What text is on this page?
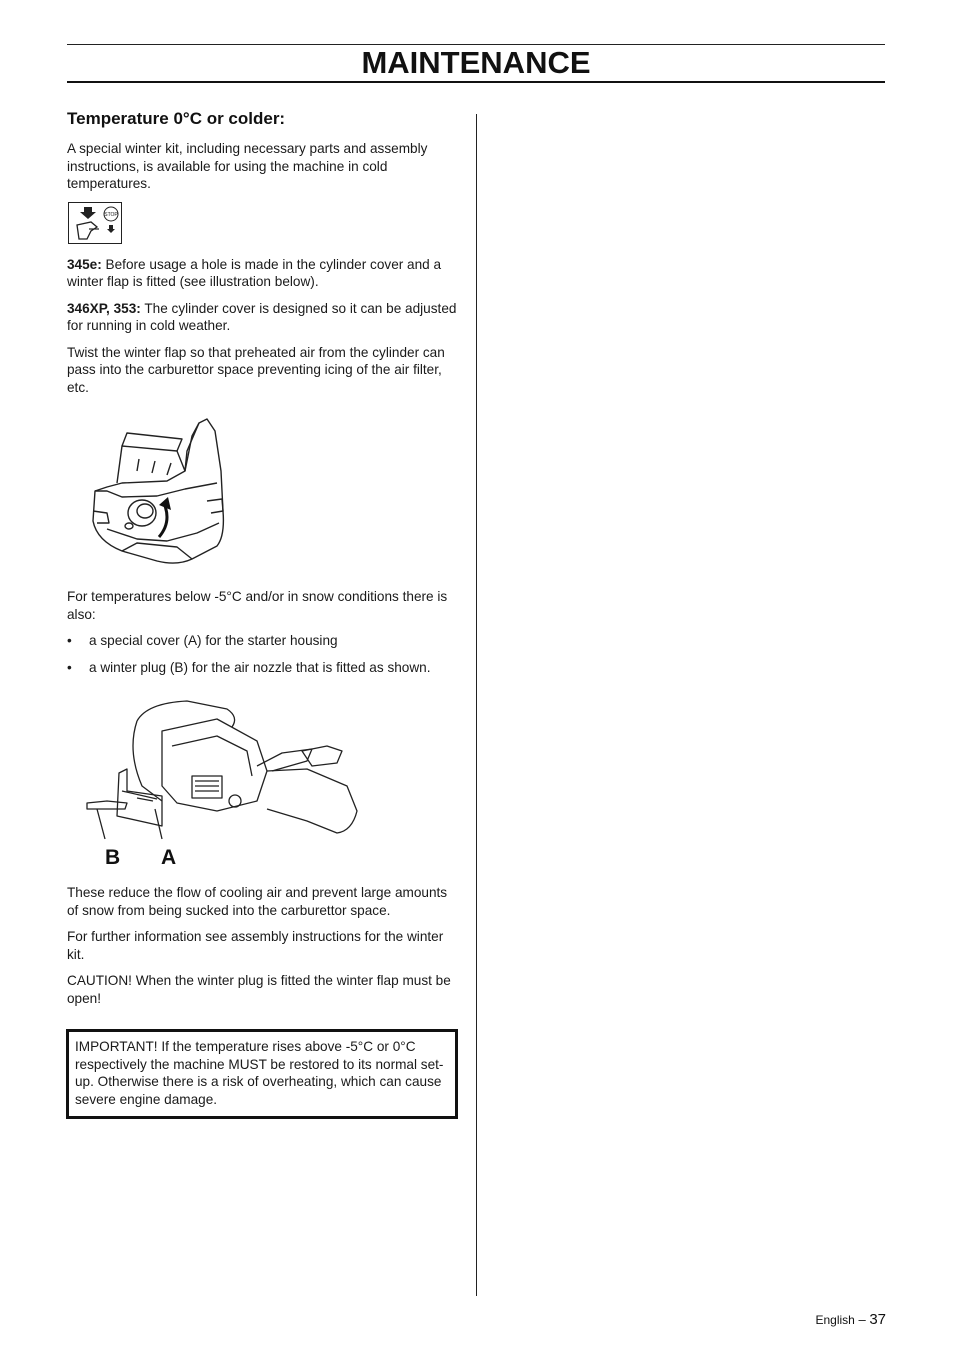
MAINTENANCE
Temperature 0°C or colder:

A special winter kit, including necessary parts and assembly instructions, is available for using the machine in cold temperatures.

STOP

345e: Before usage a hole is made in the cylinder cover and a winter flap is fitted (see illustration below).

346XP, 353: The cylinder cover is designed so it can be adjusted for running in cold weather.

Twist the winter flap so that preheated air from the cylinder can pass into the carburettor space preventing icing of the air filter, etc.

For temperatures below -5°C and/or in snow conditions there is also:

• a special cover (A) for the starter housing
• a winter plug (B) for the air nozzle that is fitted as shown.
B A

These reduce the flow of cooling air and prevent large amounts of snow from being sucked into the carburettor space.

For further information see assembly instructions for the winter kit.

CAUTION! When the winter plug is fitted the winter flap must be open!

IMPORTANT! If the temperature rises above -5°C or 0°C respectively the machine MUST be restored to its normal set-up. Otherwise there is a risk of overheating, which can cause severe engine damage.

English – 37
